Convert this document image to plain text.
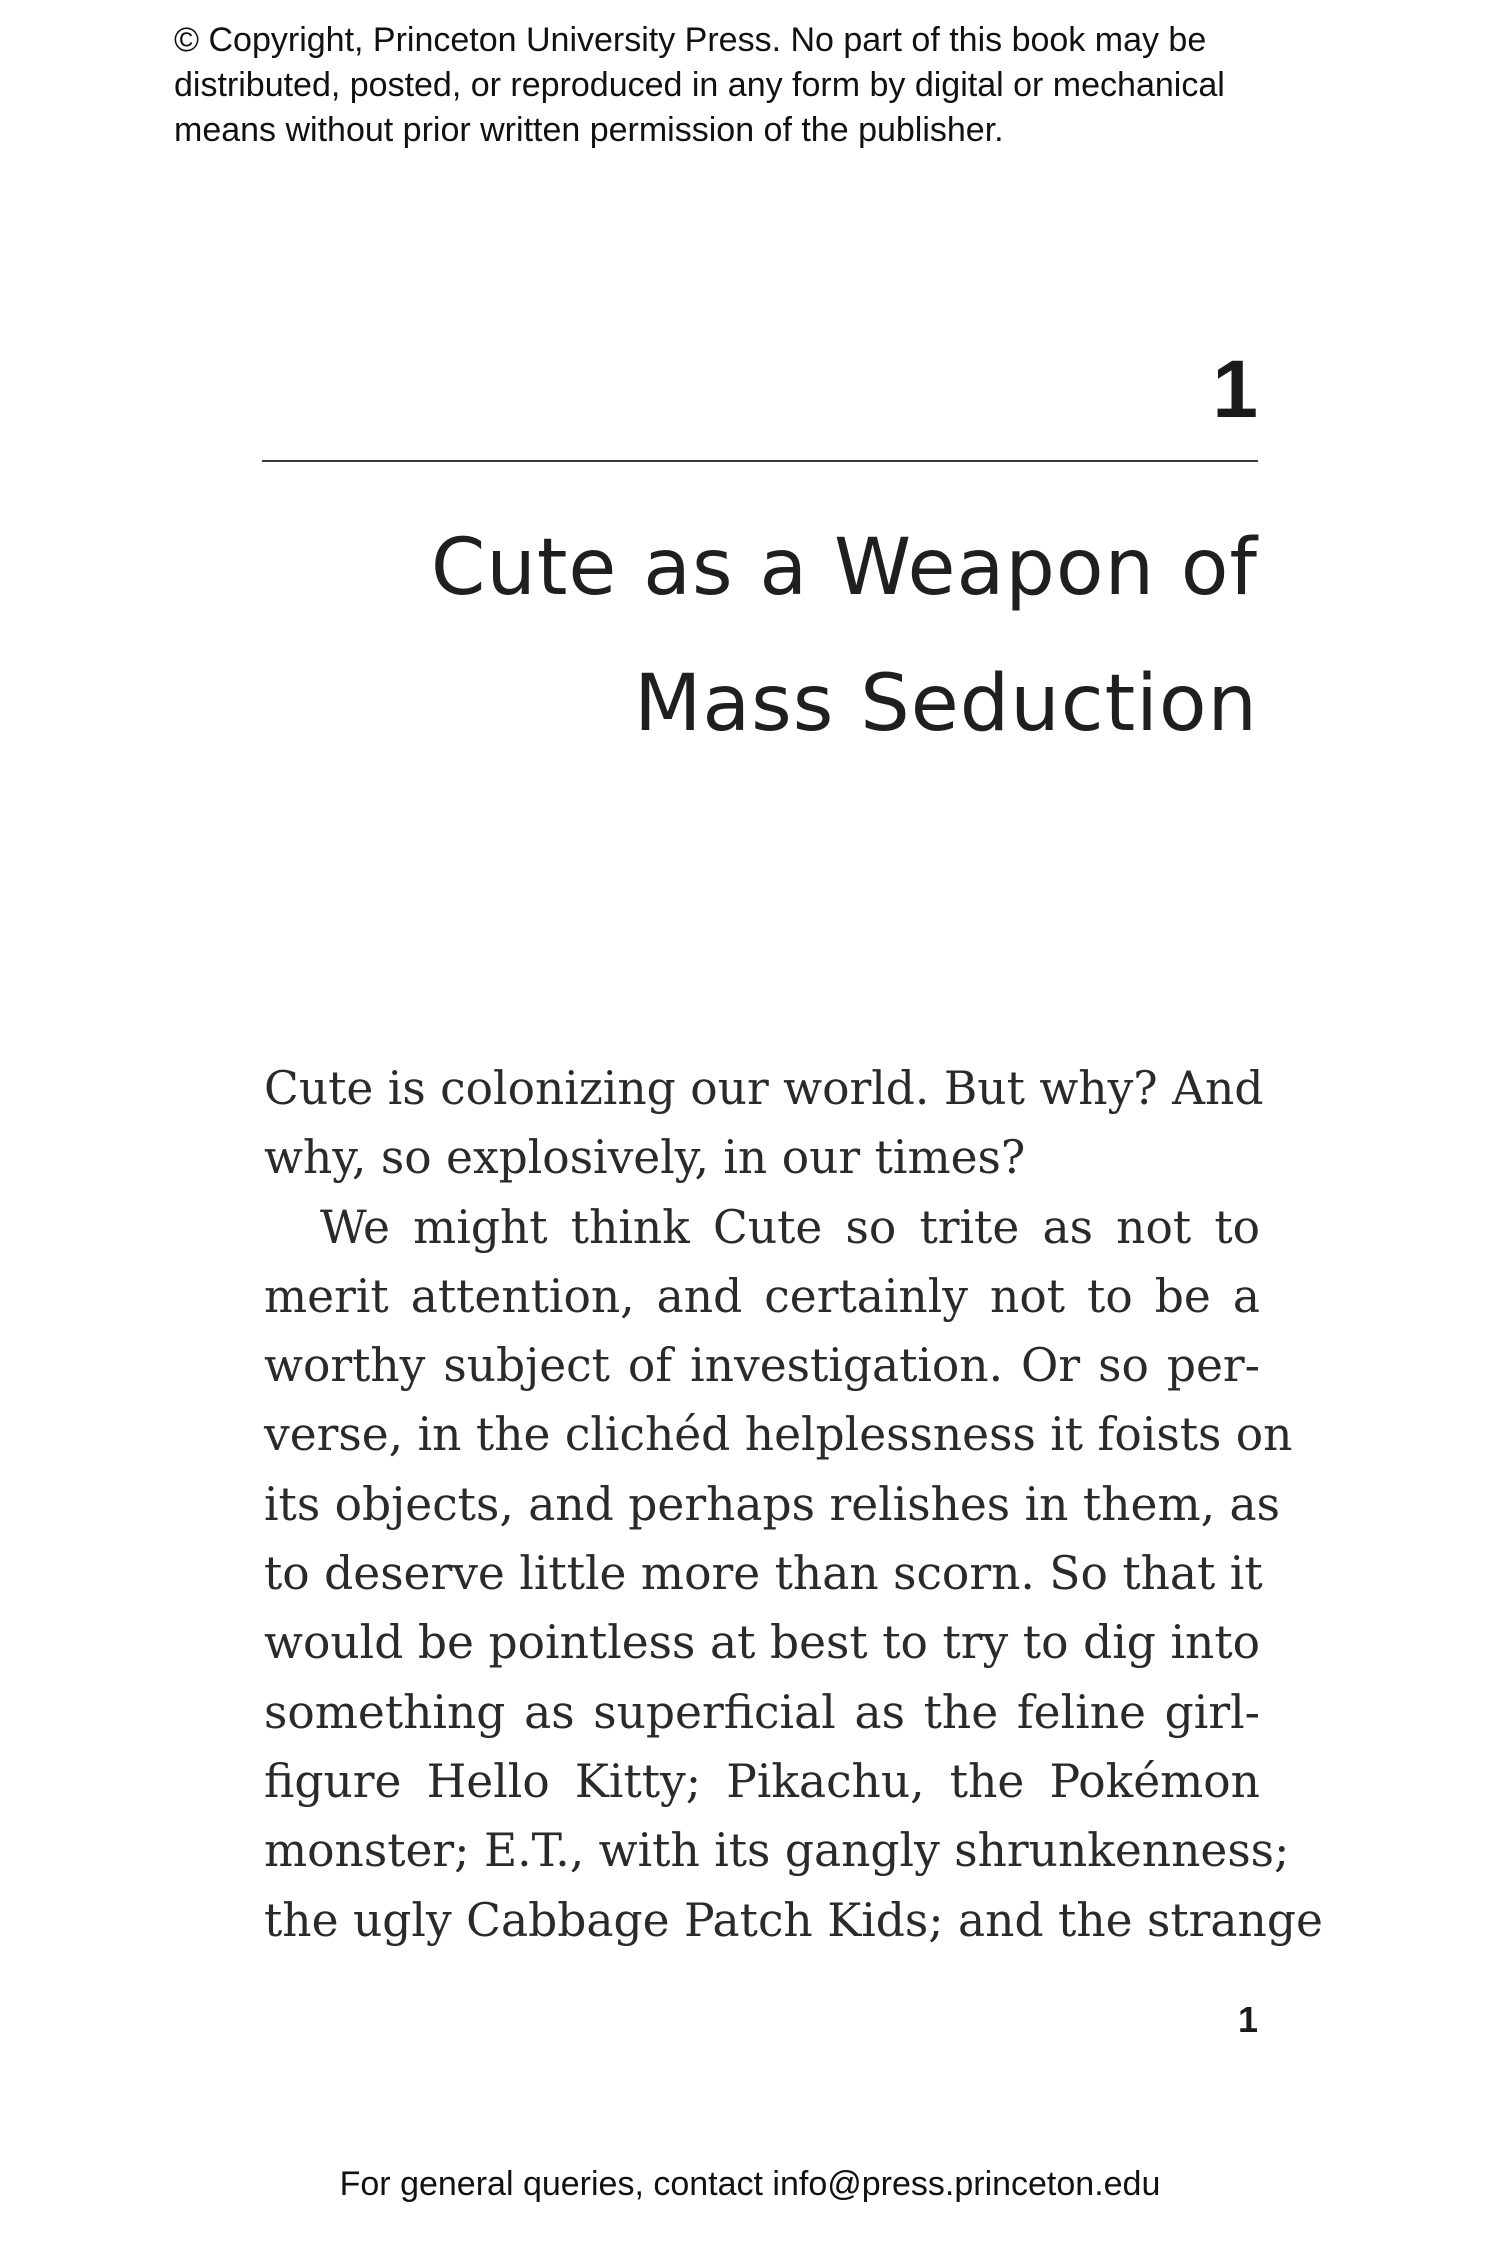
© Copyright, Princeton University Press. No part of this book may be
distributed, posted, or reproduced in any form by digital or mechanical
means without prior written permission of the publisher.
1
Cute as a Weapon of
Mass Seduction
Cute is colonizing our world. But why? And
why, so explosively, in our times?
We might think Cute so trite as not to
merit attention, and certainly not to be a
worthy subject of investigation. Or so per-
verse, in the clichéd helplessness it foists on
its objects, and perhaps relishes in them, as
to deserve little more than scorn. So that it
would be pointless at best to try to dig into
something as superficial as the feline girl-
figure Hello Kitty; Pikachu, the Pokémon
monster; E.T., with its gangly shrunkenness;
the ugly Cabbage Patch Kids; and the strange
1
For general queries, contact info@press.princeton.edu
